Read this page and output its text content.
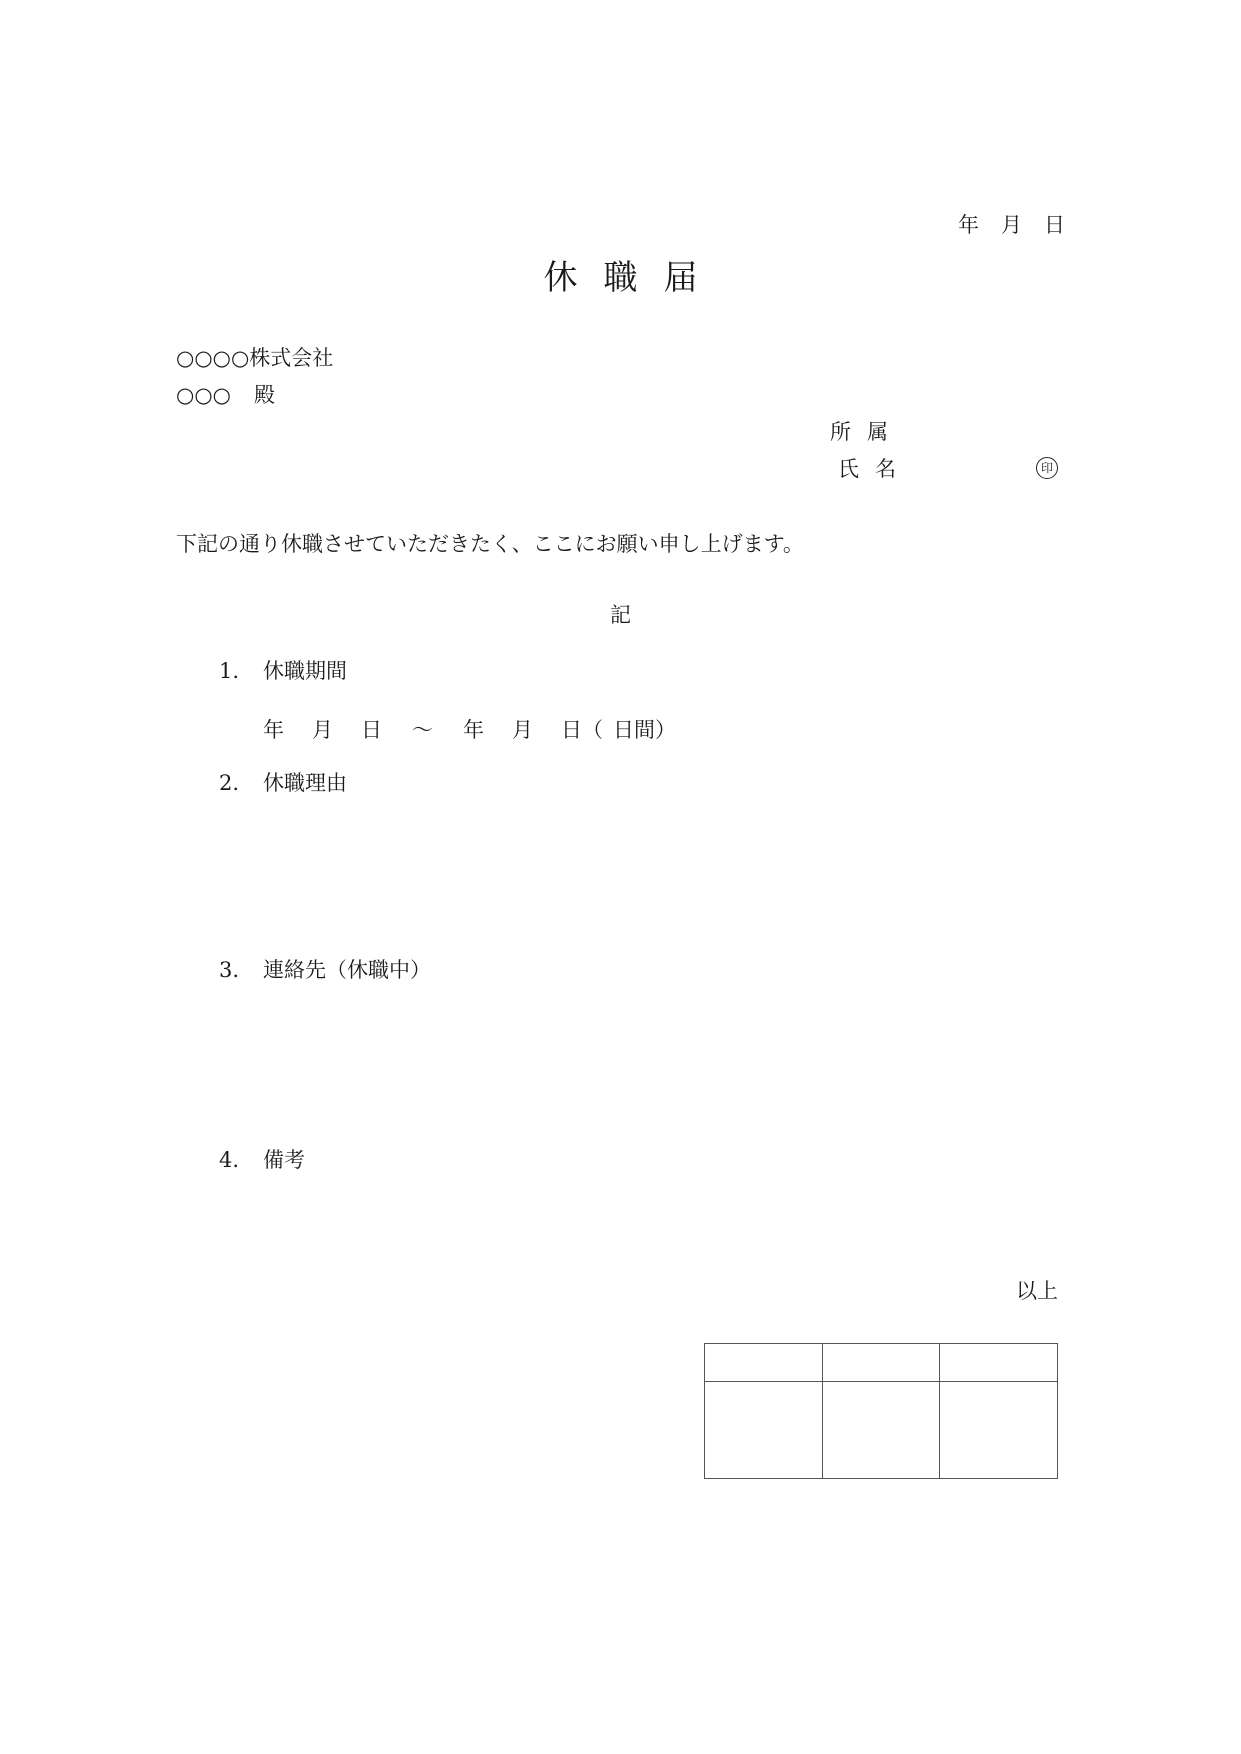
年 月 日
休 職 届
○○○○株式会社
○○○ 殿
所 属
氏 名	印
下記の通り休職させていただきたく、ここにお願い申し上げます。
記
1. 休職期間
年 月 日 ～ 年 月 日（ 日間）
2. 休職理由
3. 連絡先（休職中）
4. 備考
以上
